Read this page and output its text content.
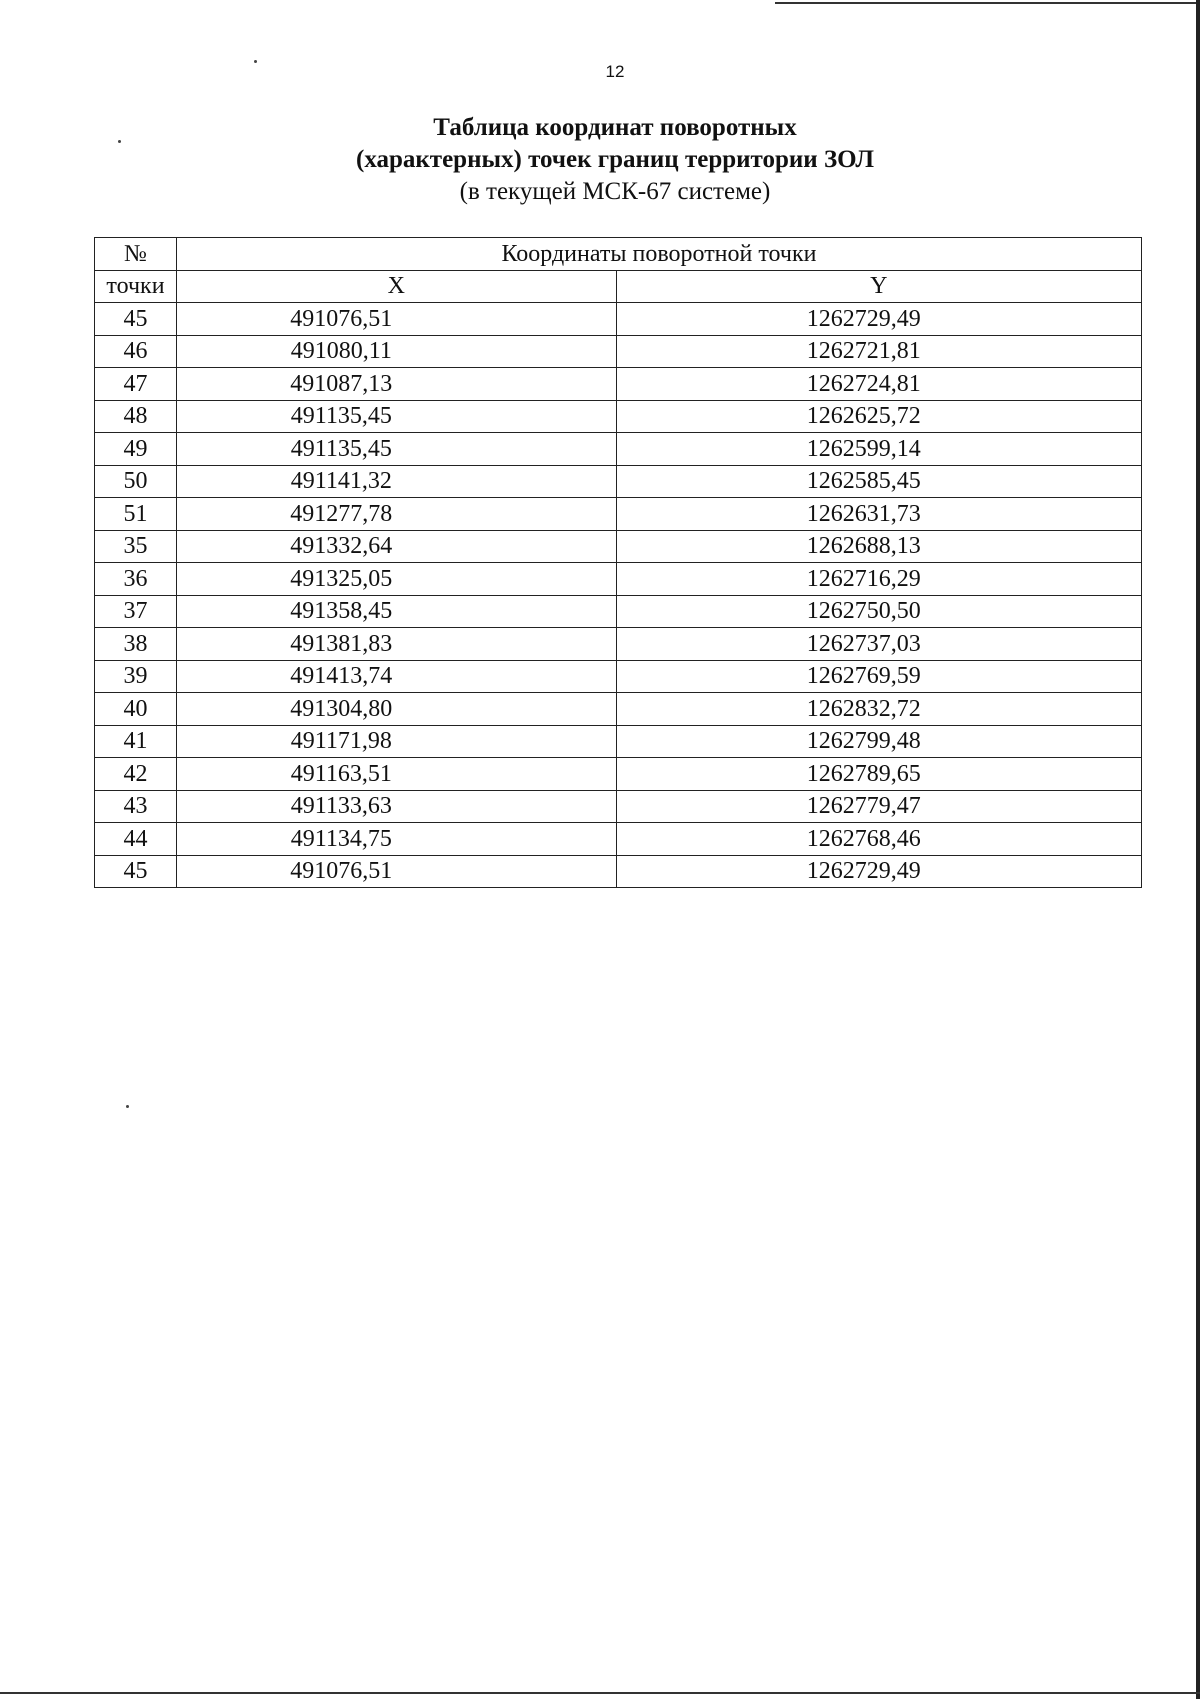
12
Таблица координат поворотных
(характерных) точек границ территории ЗОЛ
(в текущей МСК-67 системе)
№	Координаты поворотной точки	
точки	X	Y
45	491076,51	1262729,49
46	491080,11	1262721,81
47	491087,13	1262724,81
48	491135,45	1262625,72
49	491135,45	1262599,14
50	491141,32	1262585,45
51	491277,78	1262631,73
35	491332,64	1262688,13
36	491325,05	1262716,29
37	491358,45	1262750,50
38	491381,83	1262737,03
39	491413,74	1262769,59
40	491304,80	1262832,72
41	491171,98	1262799,48
42	491163,51	1262789,65
43	491133,63	1262779,47
44	491134,75	1262768,46
45	491076,51	1262729,49
